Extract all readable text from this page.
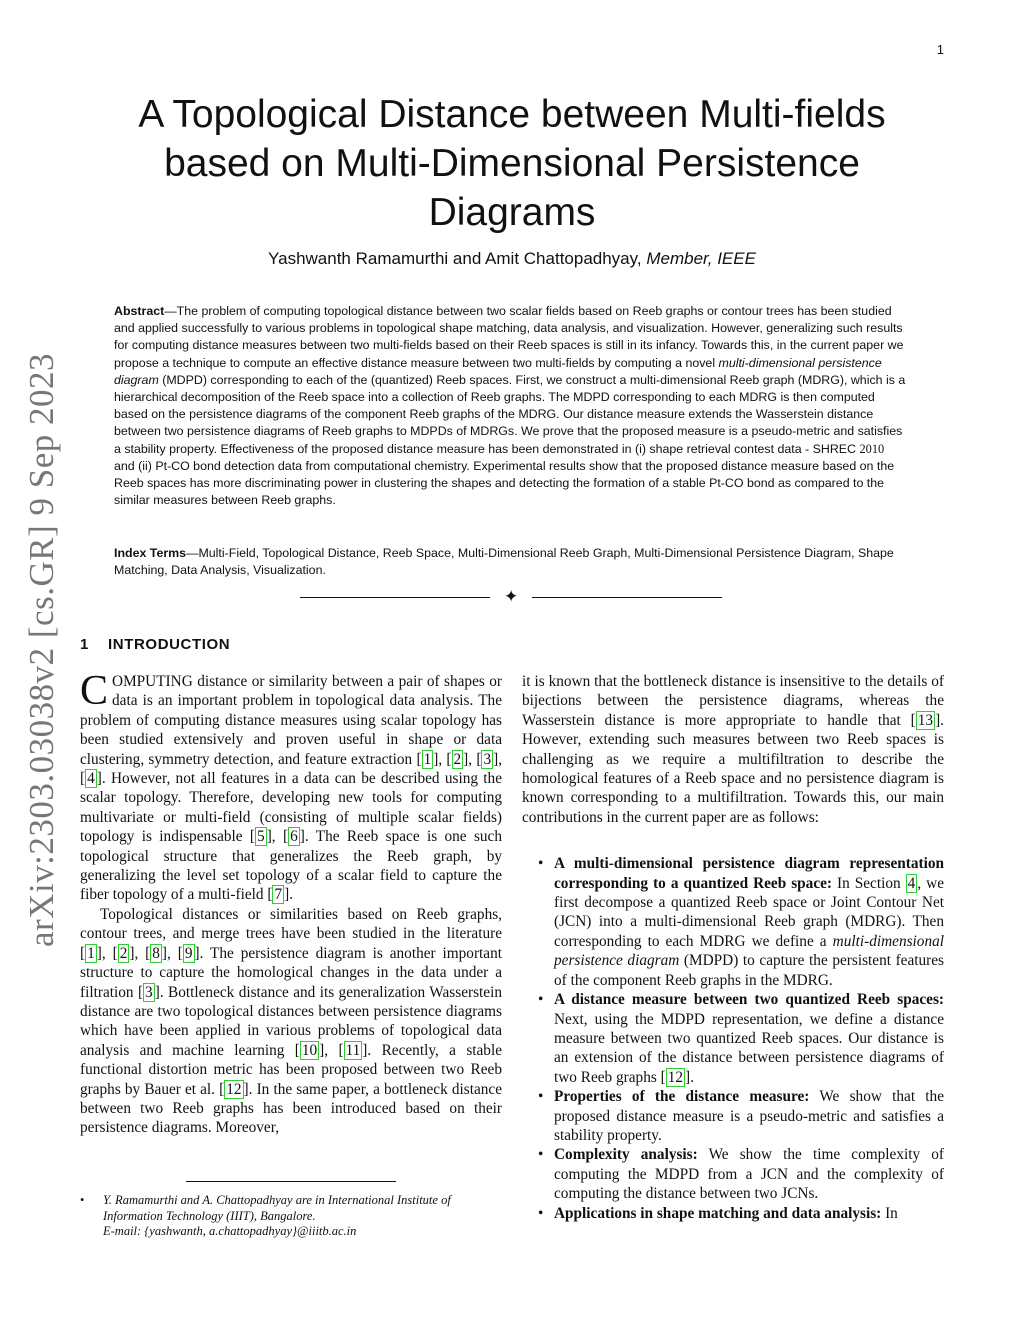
1
arXiv:2303.03038v2 [cs.GR] 9 Sep 2023
A Topological Distance between Multi-fields
based on Multi-Dimensional Persistence
Diagrams
Yashwanth Ramamurthi and Amit Chattopadhyay, Member, IEEE
Abstract—The problem of computing topological distance between two scalar fields based on Reeb graphs or contour trees has been studied and applied successfully to various problems in topological shape matching, data analysis, and visualization. However, generalizing such results for computing distance measures between two multi-fields based on their Reeb spaces is still in its infancy. Towards this, in the current paper we propose a technique to compute an effective distance measure between two multi-fields by computing a novel multi-dimensional persistence diagram (MDPD) corresponding to each of the (quantized) Reeb spaces. First, we construct a multi-dimensional Reeb graph (MDRG), which is a hierarchical decomposition of the Reeb space into a collection of Reeb graphs. The MDPD corresponding to each MDRG is then computed based on the persistence diagrams of the component Reeb graphs of the MDRG. Our distance measure extends the Wasserstein distance between two persistence diagrams of Reeb graphs to MDPDs of MDRGs. We prove that the proposed measure is a pseudo-metric and satisfies a stability property. Effectiveness of the proposed distance measure has been demonstrated in (i) shape retrieval contest data - SHREC 2010 and (ii) Pt-CO bond detection data from computational chemistry. Experimental results show that the proposed distance measure based on the Reeb spaces has more discriminating power in clustering the shapes and detecting the formation of a stable Pt-CO bond as compared to the similar measures between Reeb graphs.
Index Terms—Multi-Field, Topological Distance, Reeb Space, Multi-Dimensional Reeb Graph, Multi-Dimensional Persistence Diagram, Shape Matching, Data Analysis, Visualization.
✦
1 INTRODUCTION

COMPUTING distance or similarity between a pair of shapes or data is an important problem in topological data analysis. The problem of computing distance measures using scalar topology has been studied extensively and proven useful in shape or data clustering, symmetry detection, and feature extraction [ 1 ], [ 2 ], [ 3 ], [ 4 ]. However, not all features in a data can be described using the scalar topology. Therefore, developing new tools for computing multivariate or multi-field (consisting of multiple scalar fields) topology is indispensable [ 5 ], [ 6 ]. The Reeb space is one such topological structure that generalizes the Reeb graph, by generalizing the level set topology of a scalar field to capture the fiber topology of a multi-field [ 7 ].

Topological distances or similarities based on Reeb graphs, contour trees, and merge trees have been studied in the literature [ 1 ], [ 2 ], [ 8 ], [ 9 ]. The persistence diagram is another important structure to capture the homological changes in the data under a filtration [ 3 ]. Bottleneck distance and its generalization Wasserstein distance are two topological distances between persistence diagrams which have been applied in various problems of topological data analysis and machine learning [ 10 ], [ 11 ]. Recently, a stable functional distortion metric has been proposed between two Reeb graphs by Bauer et al. [ 12 ]. In the same paper, a bottleneck distance between two Reeb graphs has been introduced based on their persistence diagrams. Moreover,

• Y. Ramamurthi and A. Chattopadhyay are in International Institute of Information Technology (IIIT), Bangalore.
E-mail: {yashwanth, a.chattopadhyay}@iiitb.ac.in

it is known that the bottleneck distance is insensitive to the details of bijections between the persistence diagrams, whereas the Wasserstein distance is more appropriate to handle that [ 13 ]. However, extending such measures between two Reeb spaces is challenging as we require a multifiltration to describe the homological features of a Reeb space and no persistence diagram is known corresponding to a multifiltration. Towards this, our main contributions in the current paper are as follows:

• A multi-dimensional persistence diagram representation corresponding to a quantized Reeb space: In Section 4 , we first decompose a quantized Reeb space or Joint Contour Net (JCN) into a multi-dimensional Reeb graph (MDRG). Then corresponding to each MDRG we define a multi-dimensional persistence diagram (MDPD) to capture the persistent features of the component Reeb graphs in the MDRG.
• A distance measure between two quantized Reeb spaces: Next, using the MDPD representation, we define a distance measure between two quantized Reeb spaces. Our distance is an extension of the distance between persistence diagrams of two Reeb graphs [ 12 ].
• Properties of the distance measure: We show that the proposed distance measure is a pseudo-metric and satisfies a stability property.
• Complexity analysis: We show the time complexity of computing the MDPD from a JCN and the complexity of computing the distance between two JCNs.
• Applications in shape matching and data analysis: In
